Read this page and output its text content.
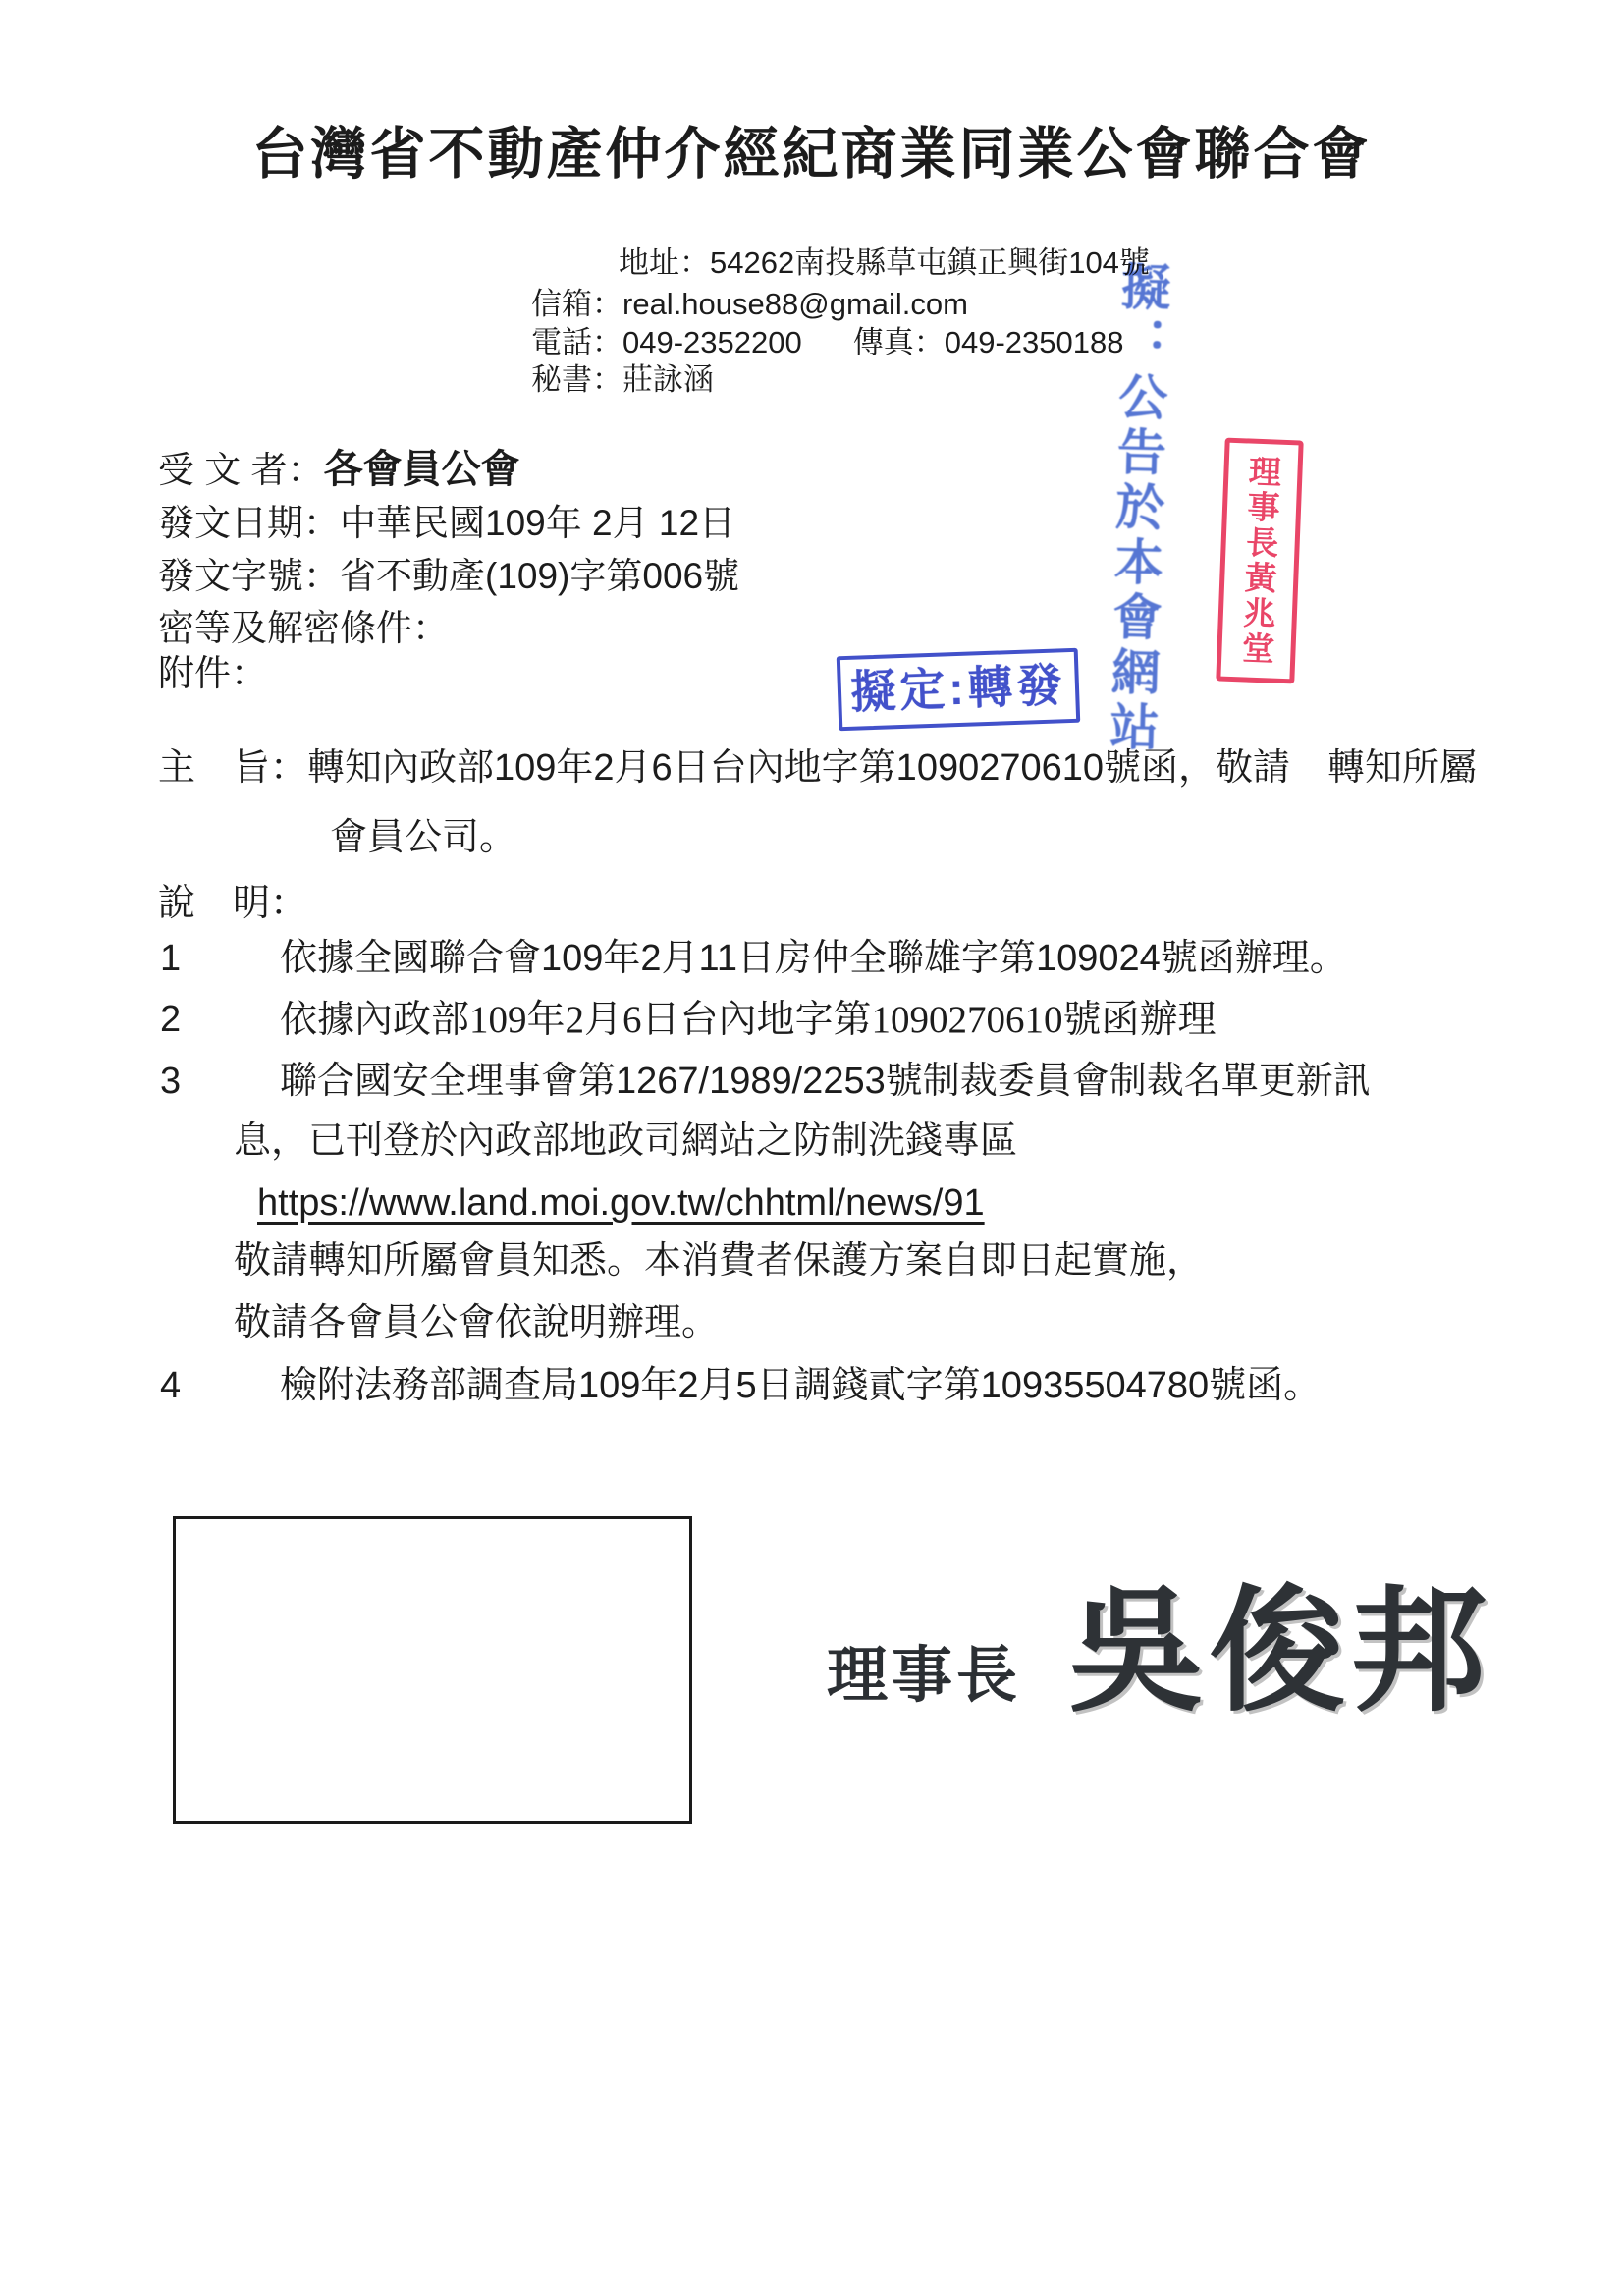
台灣省不動產仲介經紀商業同業公會聯合會
地址：54262南投縣草屯鎮正興街104號
信箱：real.house88@gmail.com
電話：049-2352200 傳真：049-2350188
秘書：莊詠涵
受 文 者：各會員公會
發文日期：中華民國109年 2月 12日
發文字號：省不動產(109)字第006號
密等及解密條件：
附件：
主　旨：轉知內政部109年2月6日台內地字第1090270610號函，敬請　轉知所屬
會員公司。
說　明：
1	依據全國聯合會109年2月11日房仲全聯雄字第109024號函辦理。
2	依據內政部109年2月6日台內地字第1090270610號函辦理
3	聯合國安全理事會第1267/1989/2253號制裁委員會制裁名單更新訊
息，已刊登於內政部地政司網站之防制洗錢專區
https://www.land.moi.gov.tw/chhtml/news/91
敬請轉知所屬會員知悉。本消費者保護方案自即日起實施，
敬請各會員公會依說明辦理。
4	檢附法務部調查局109年2月5日調錢貳字第10935504780號函。
理事長 吳俊邦
擬：公告於本會網站 理事長黃兆堂
擬定:轉發
